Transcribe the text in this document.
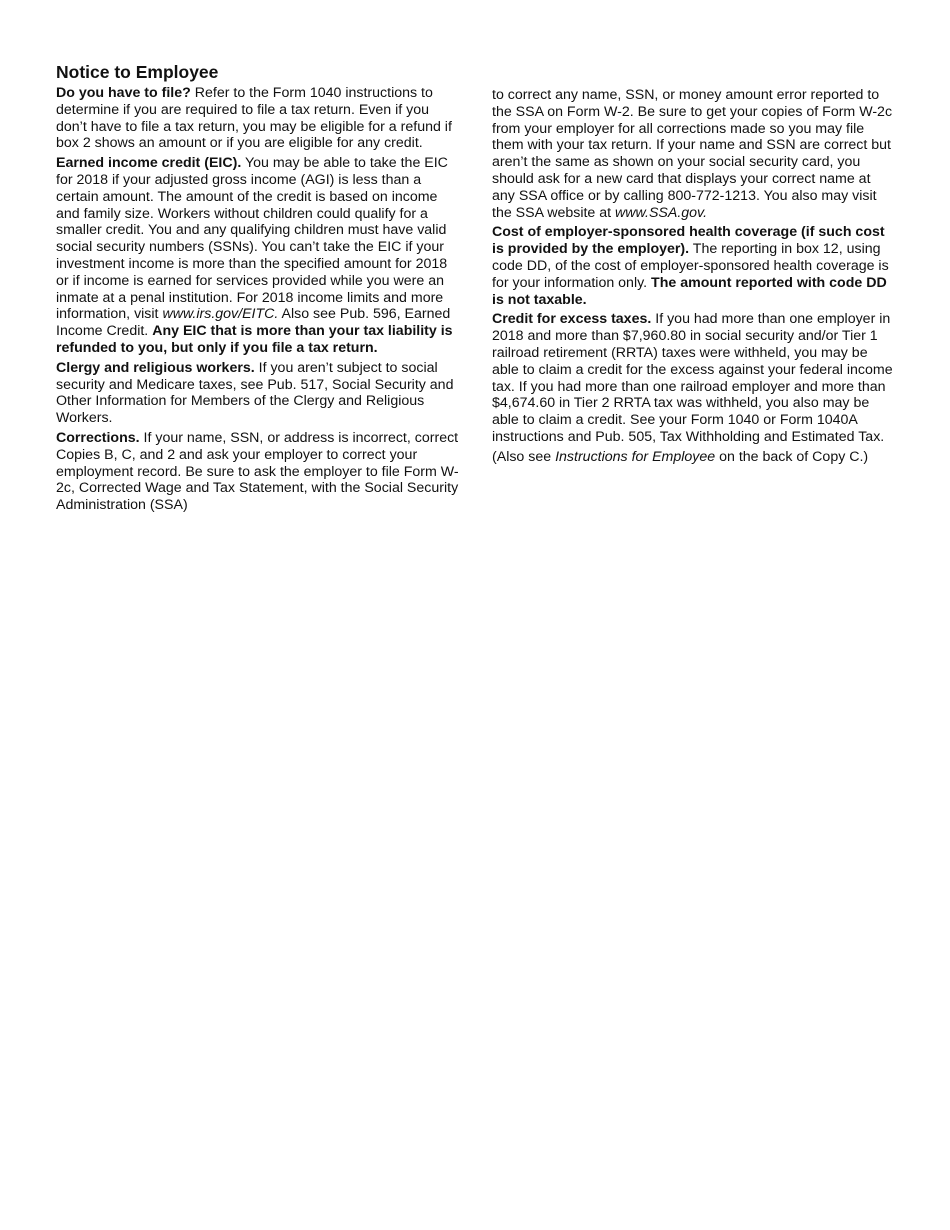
Notice to Employee

Do you have to file? Refer to the Form 1040 instructions to determine if you are required to file a tax return. Even if you don’t have to file a tax return, you may be eligible for a refund if box 2 shows an amount or if you are eligible for any credit.

Earned income credit (EIC). You may be able to take the EIC for 2018 if your adjusted gross income (AGI) is less than a certain amount. The amount of the credit is based on income and family size. Workers without children could qualify for a smaller credit. You and any qualifying children must have valid social security numbers (SSNs). You can’t take the EIC if your investment income is more than the specified amount for 2018 or if income is earned for services provided while you were an inmate at a penal institution. For 2018 income limits and more information, visit www.irs.gov/EITC. Also see Pub. 596, Earned Income Credit. Any EIC that is more than your tax liability is refunded to you, but only if you file a tax return.

Clergy and religious workers. If you aren’t subject to social security and Medicare taxes, see Pub. 517, Social Security and Other Information for Members of the Clergy and Religious Workers.

Corrections. If your name, SSN, or address is incorrect, correct Copies B, C, and 2 and ask your employer to correct your employment record. Be sure to ask the employer to file Form W-2c, Corrected Wage and Tax Statement, with the Social Security Administration (SSA)

to correct any name, SSN, or money amount error reported to the SSA on Form W-2. Be sure to get your copies of Form W-2c from your employer for all corrections made so you may file them with your tax return. If your name and SSN are correct but aren’t the same as shown on your social security card, you should ask for a new card that displays your correct name at any SSA office or by calling 800-772-1213. You also may visit the SSA website at www.SSA.gov.

Cost of employer-sponsored health coverage (if such cost is provided by the employer). The reporting in box 12, using code DD, of the cost of employer-sponsored health coverage is for your information only. The amount reported with code DD is not taxable.

Credit for excess taxes. If you had more than one employer in 2018 and more than $7,960.80 in social security and/or Tier 1 railroad retirement (RRTA) taxes were withheld, you may be able to claim a credit for the excess against your federal income tax. If you had more than one railroad employer and more than $4,674.60 in Tier 2 RRTA tax was withheld, you also may be able to claim a credit. See your Form 1040 or Form 1040A instructions and Pub. 505, Tax Withholding and Estimated Tax.

(Also see Instructions for Employee on the back of Copy C.)
